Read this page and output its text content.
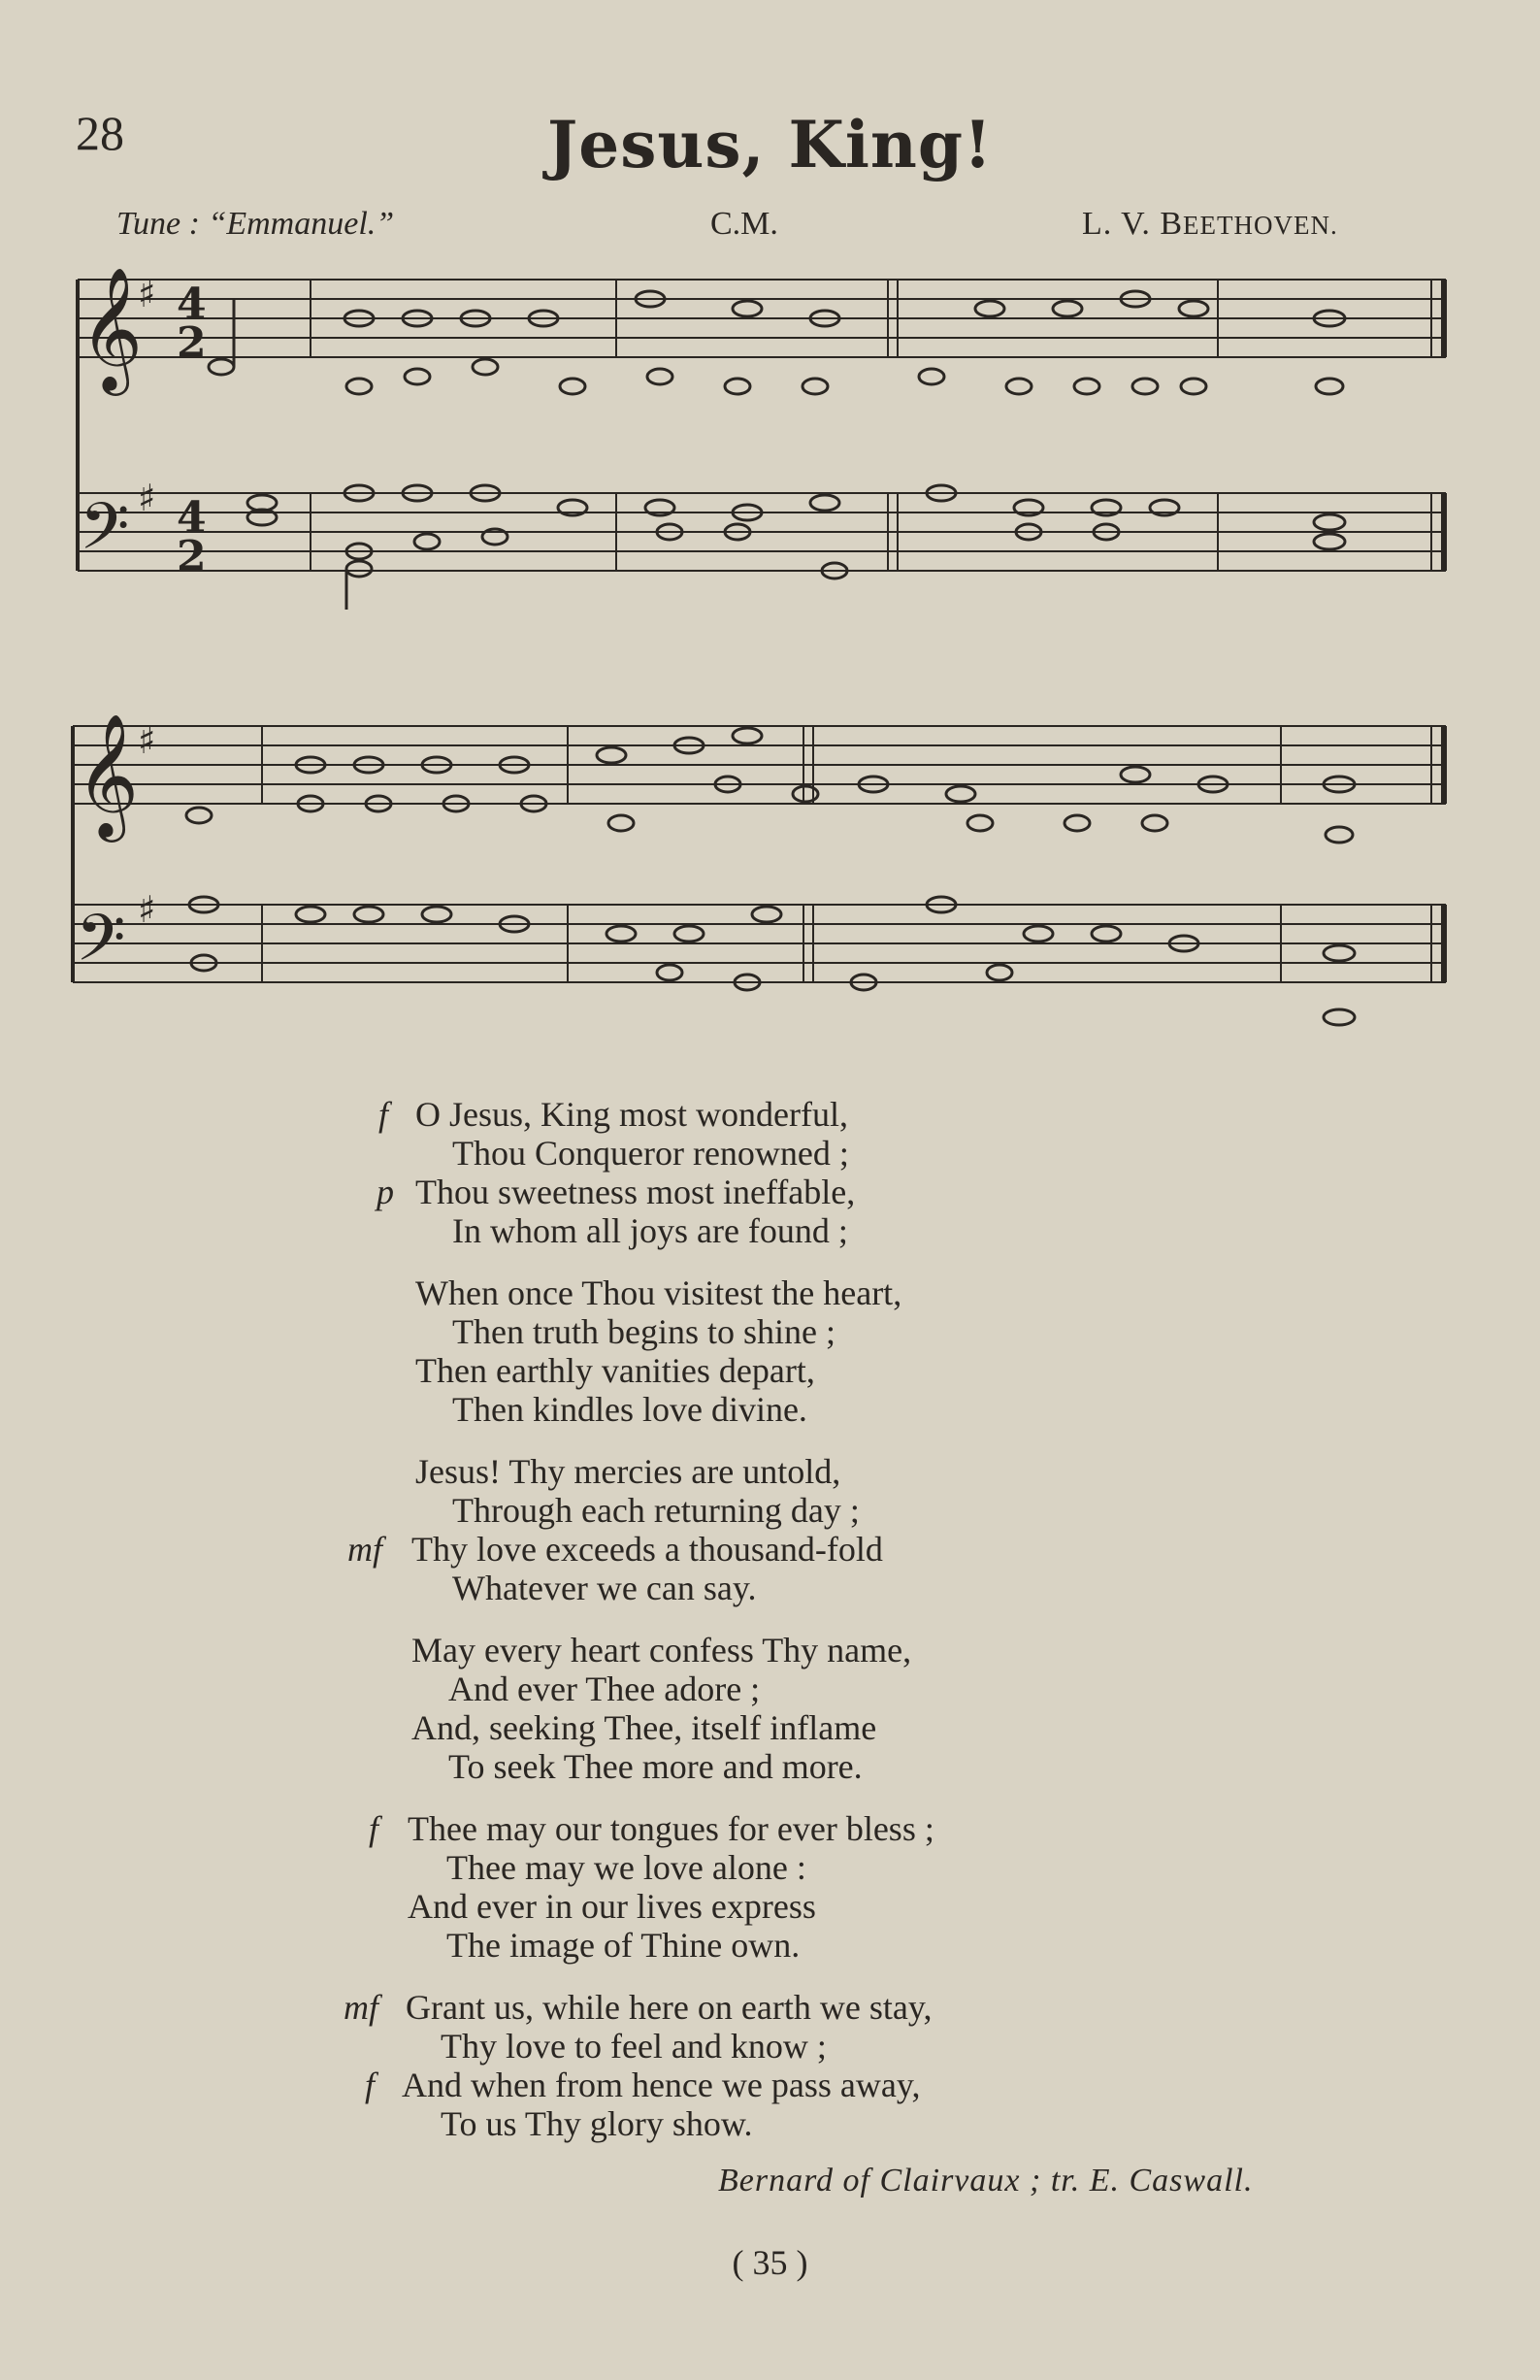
28	Jesus, King!
Tune : “Emmanuel.”	C.M.	L. V. BEETHOVEN.
𝄞
𝄢
♯
♯
4
2
4
2
𝄞
𝄢
♯
♯
f O Jesus, King most wonderful,
Thou Conqueror renowned ;
p Thou sweetness most ineffable,
In whom all joys are found ;
When once Thou visitest the heart,
Then truth begins to shine ;
Then earthly vanities depart,
Then kindles love divine.
Jesus! Thy mercies are untold,
Through each returning day ;
mf Thy love exceeds a thousand-fold
Whatever we can say.
May every heart confess Thy name,
And ever Thee adore ;
And, seeking Thee, itself inflame
To seek Thee more and more.
f Thee may our tongues for ever bless ;
Thee may we love alone :
And ever in our lives express
The image of Thine own.
mf Grant us, while here on earth we stay,
Thy love to feel and know ;
f And when from hence we pass away,
To us Thy glory show.
Bernard of Clairvaux ; tr. E. Caswall.
( 35 )
